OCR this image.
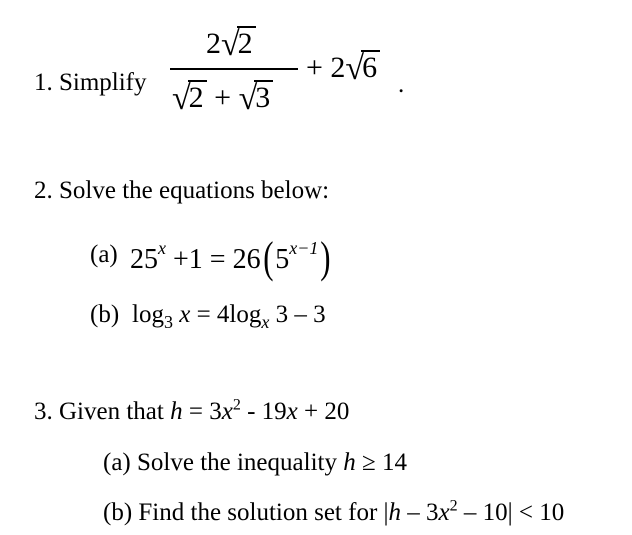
1. Simplify
2√2
√2 + √3
+ 2√6
.
2. Solve the equations below:
(a) $25^x +1 = 26(5^{x-1})$
(b) $\log_3 x = 4\log_x$ 3 – 3
3. Given that $h = 3x^2 - 19x + 20$
(a) Solve the inequality h ≥ 14
(b) Find the solution set for $|h - 3x^2 - 10| < 10$
